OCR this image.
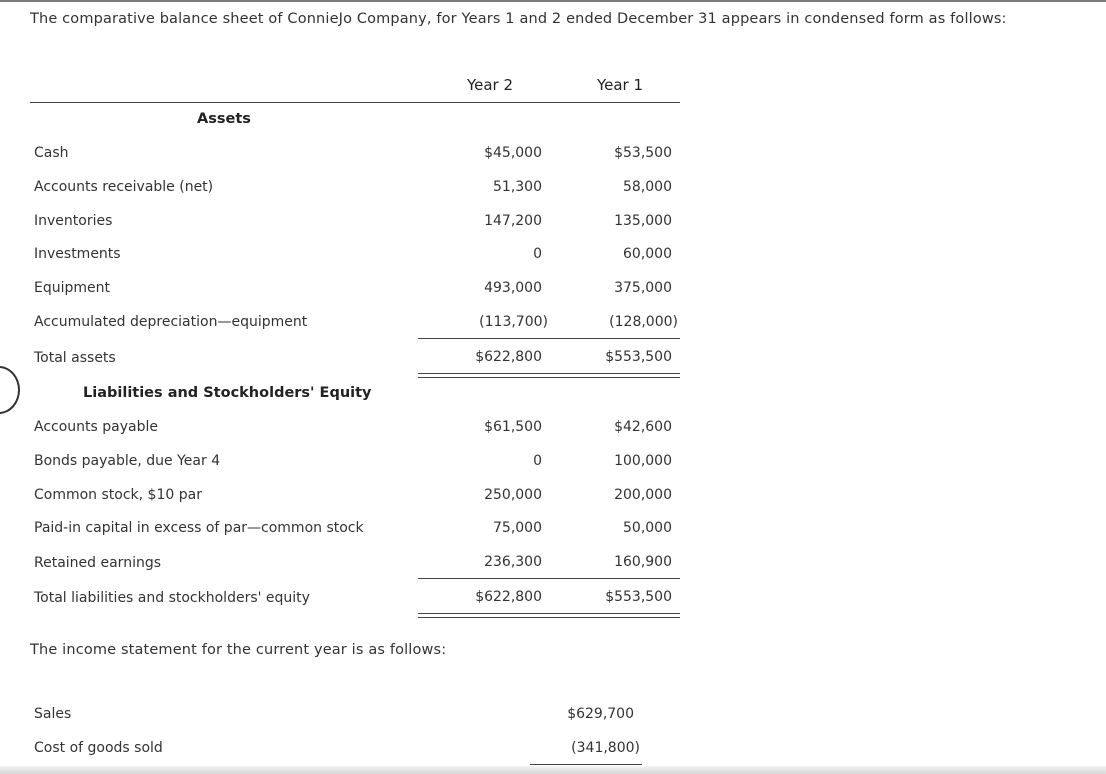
The comparative balance sheet of ConnieJo Company, for Years 1 and 2 ended December 31 appears in condensed form as follows:
Year 2	Year 1
Assets
Cash	$45,000	$53,500
Accounts receivable (net)	51,300	58,000
Inventories	147,200	135,000
Investments	0	60,000
Equipment	493,000	375,000
Accumulated depreciation—equipment	(113,700)	(128,000)
Total assets	$622,800	$553,500
Liabilities and Stockholders' Equity
Accounts payable	$61,500	$42,600
Bonds payable, due Year 4	0	100,000
Common stock, $10 par	250,000	200,000
Paid-in capital in excess of par—common stock	75,000	50,000
Retained earnings	236,300	160,900
Total liabilities and stockholders' equity	$622,800	$553,500
The income statement for the current year is as follows:
Sales	$629,700
Cost of goods sold	(341,800)
